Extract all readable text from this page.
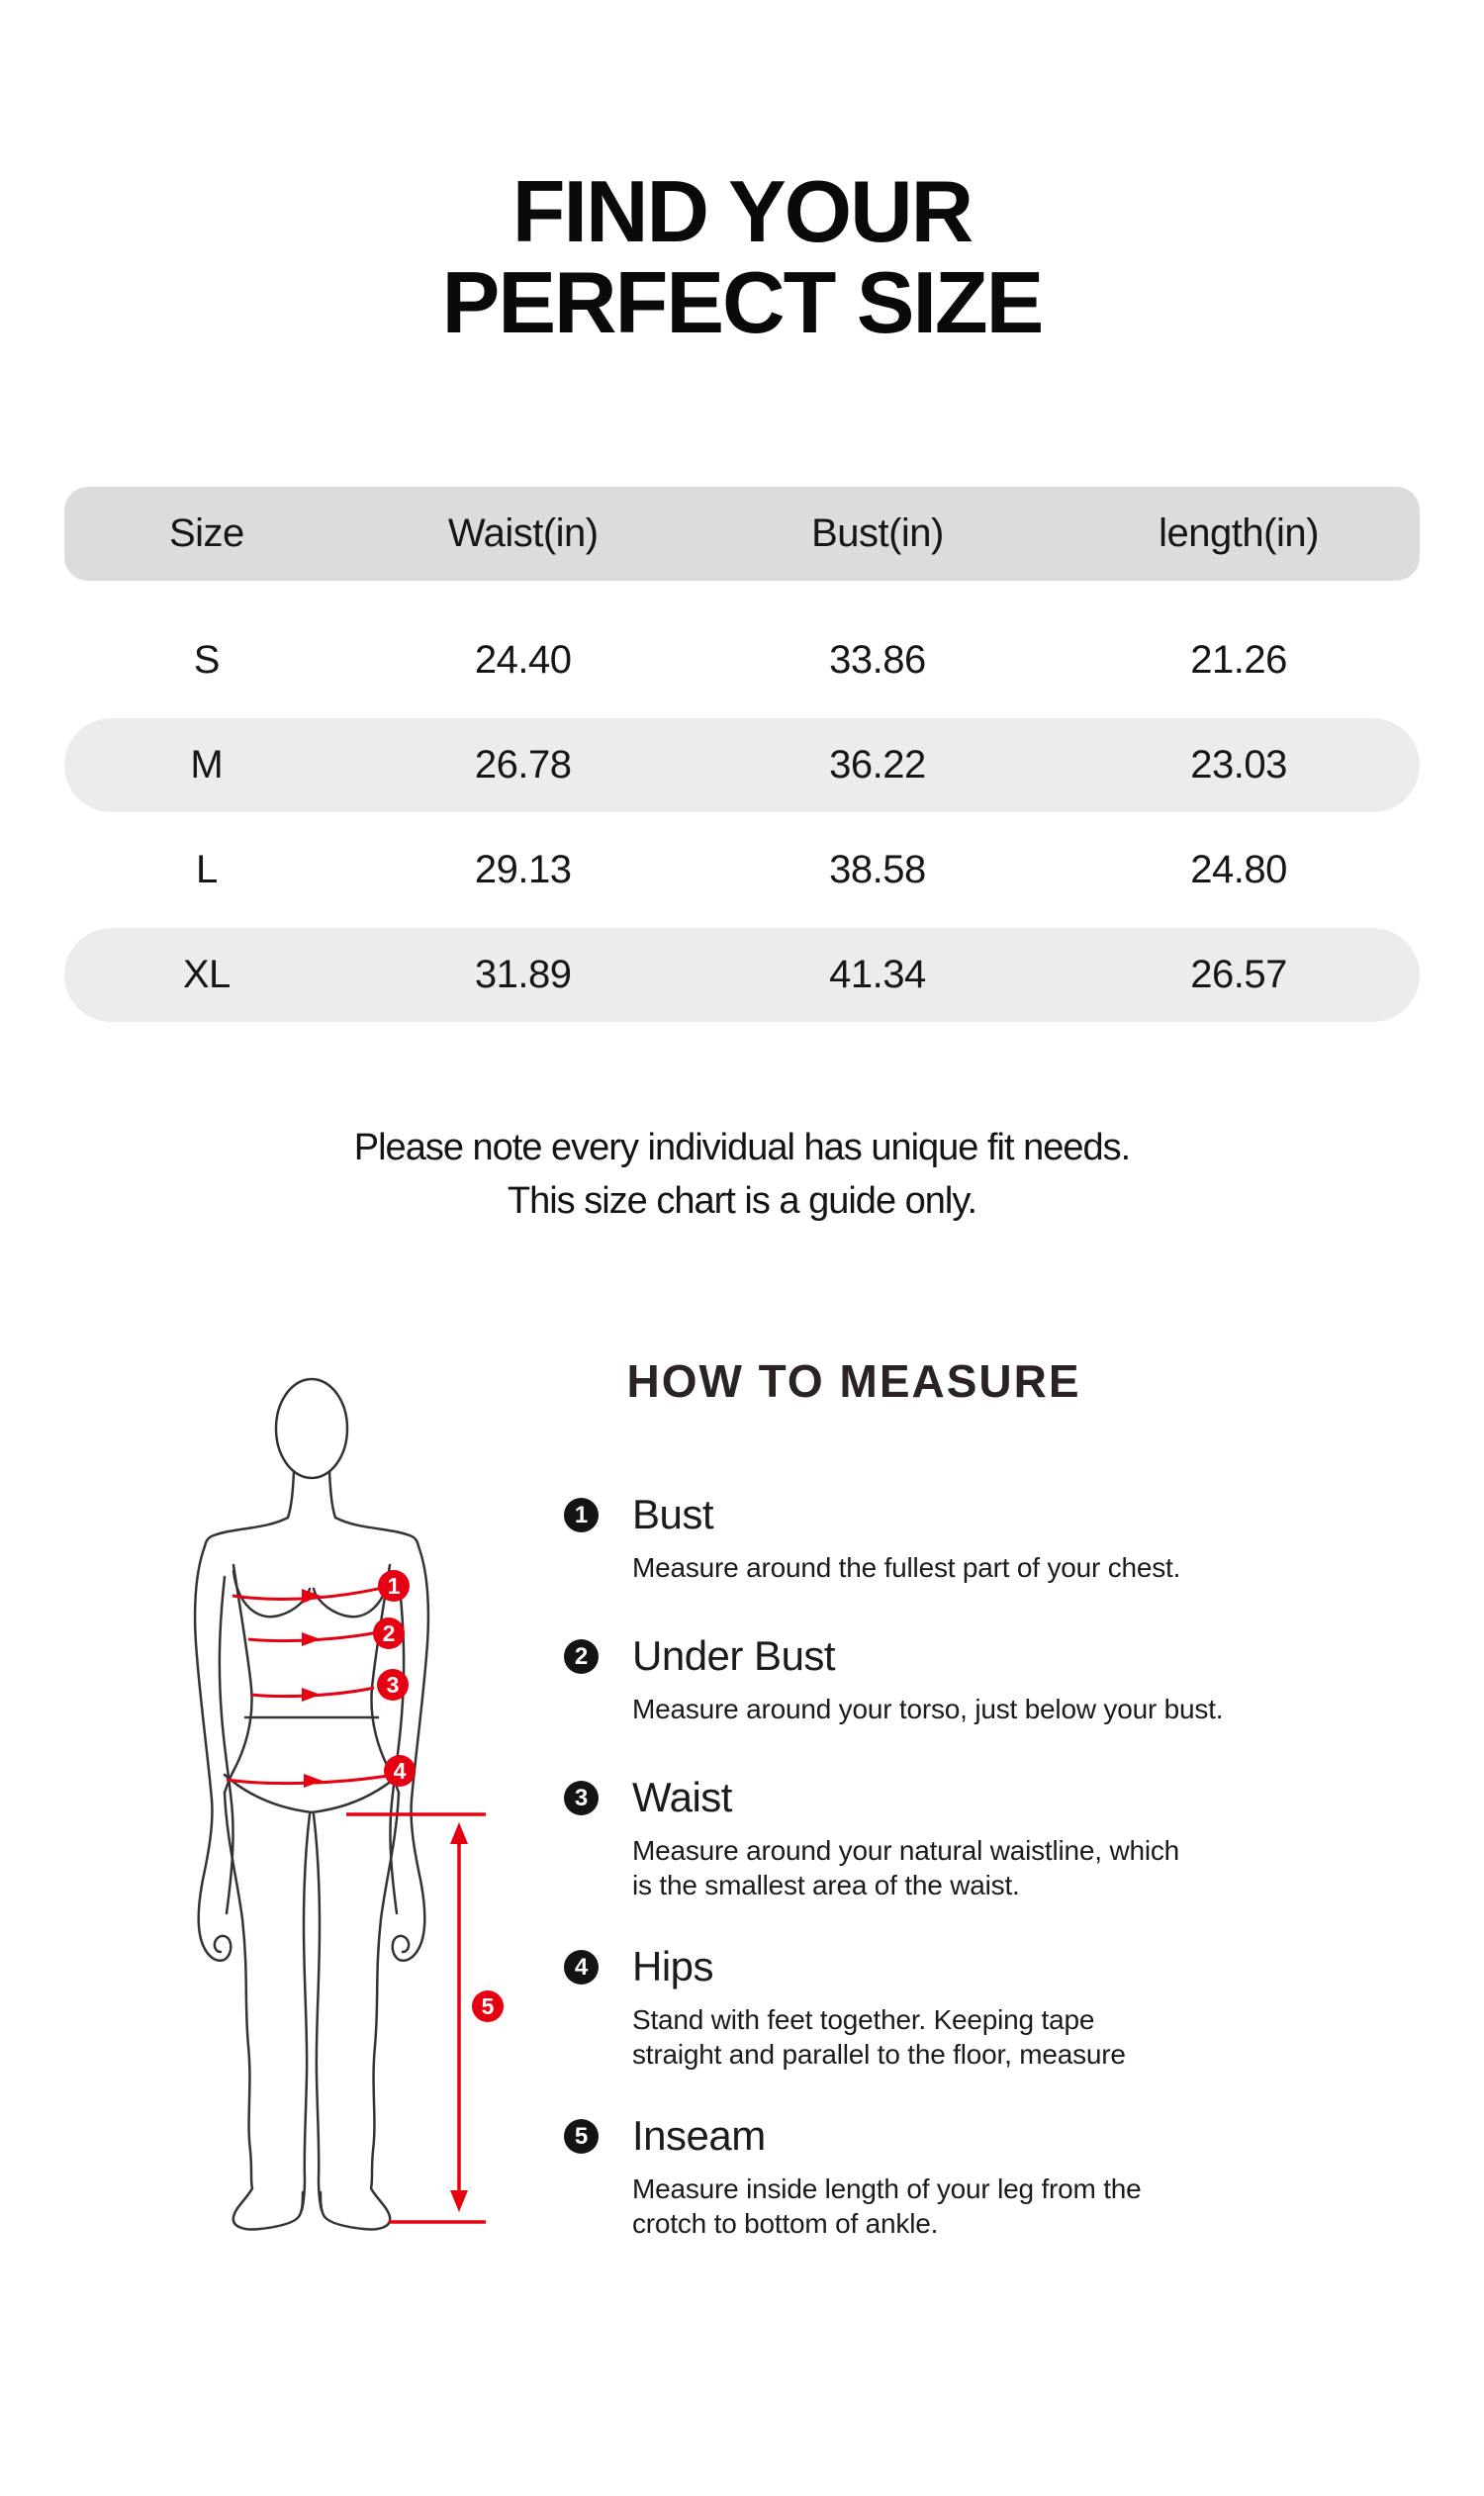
FIND YOUR
PERFECT SIZE
Size	Waist(in)	Bust(in)	length(in)
S	24.40	33.86	21.26
M	26.78	36.22	23.03
L	29.13	38.58	24.80
XL	31.89	41.34	26.57
Please note every individual has unique fit needs.
This size chart is a guide only.
1
2
3
4
5
HOW TO MEASURE
1 Bust
Measure around the fullest part of your chest.
2 Under Bust
Measure around your torso, just below your bust.
3 Waist
Measure around your natural waistline, which
is the smallest area of the waist.
4 Hips
Stand with feet together. Keeping tape
straight and parallel to the floor, measure
5 Inseam
Measure inside length of your leg from the
crotch to bottom of ankle.
